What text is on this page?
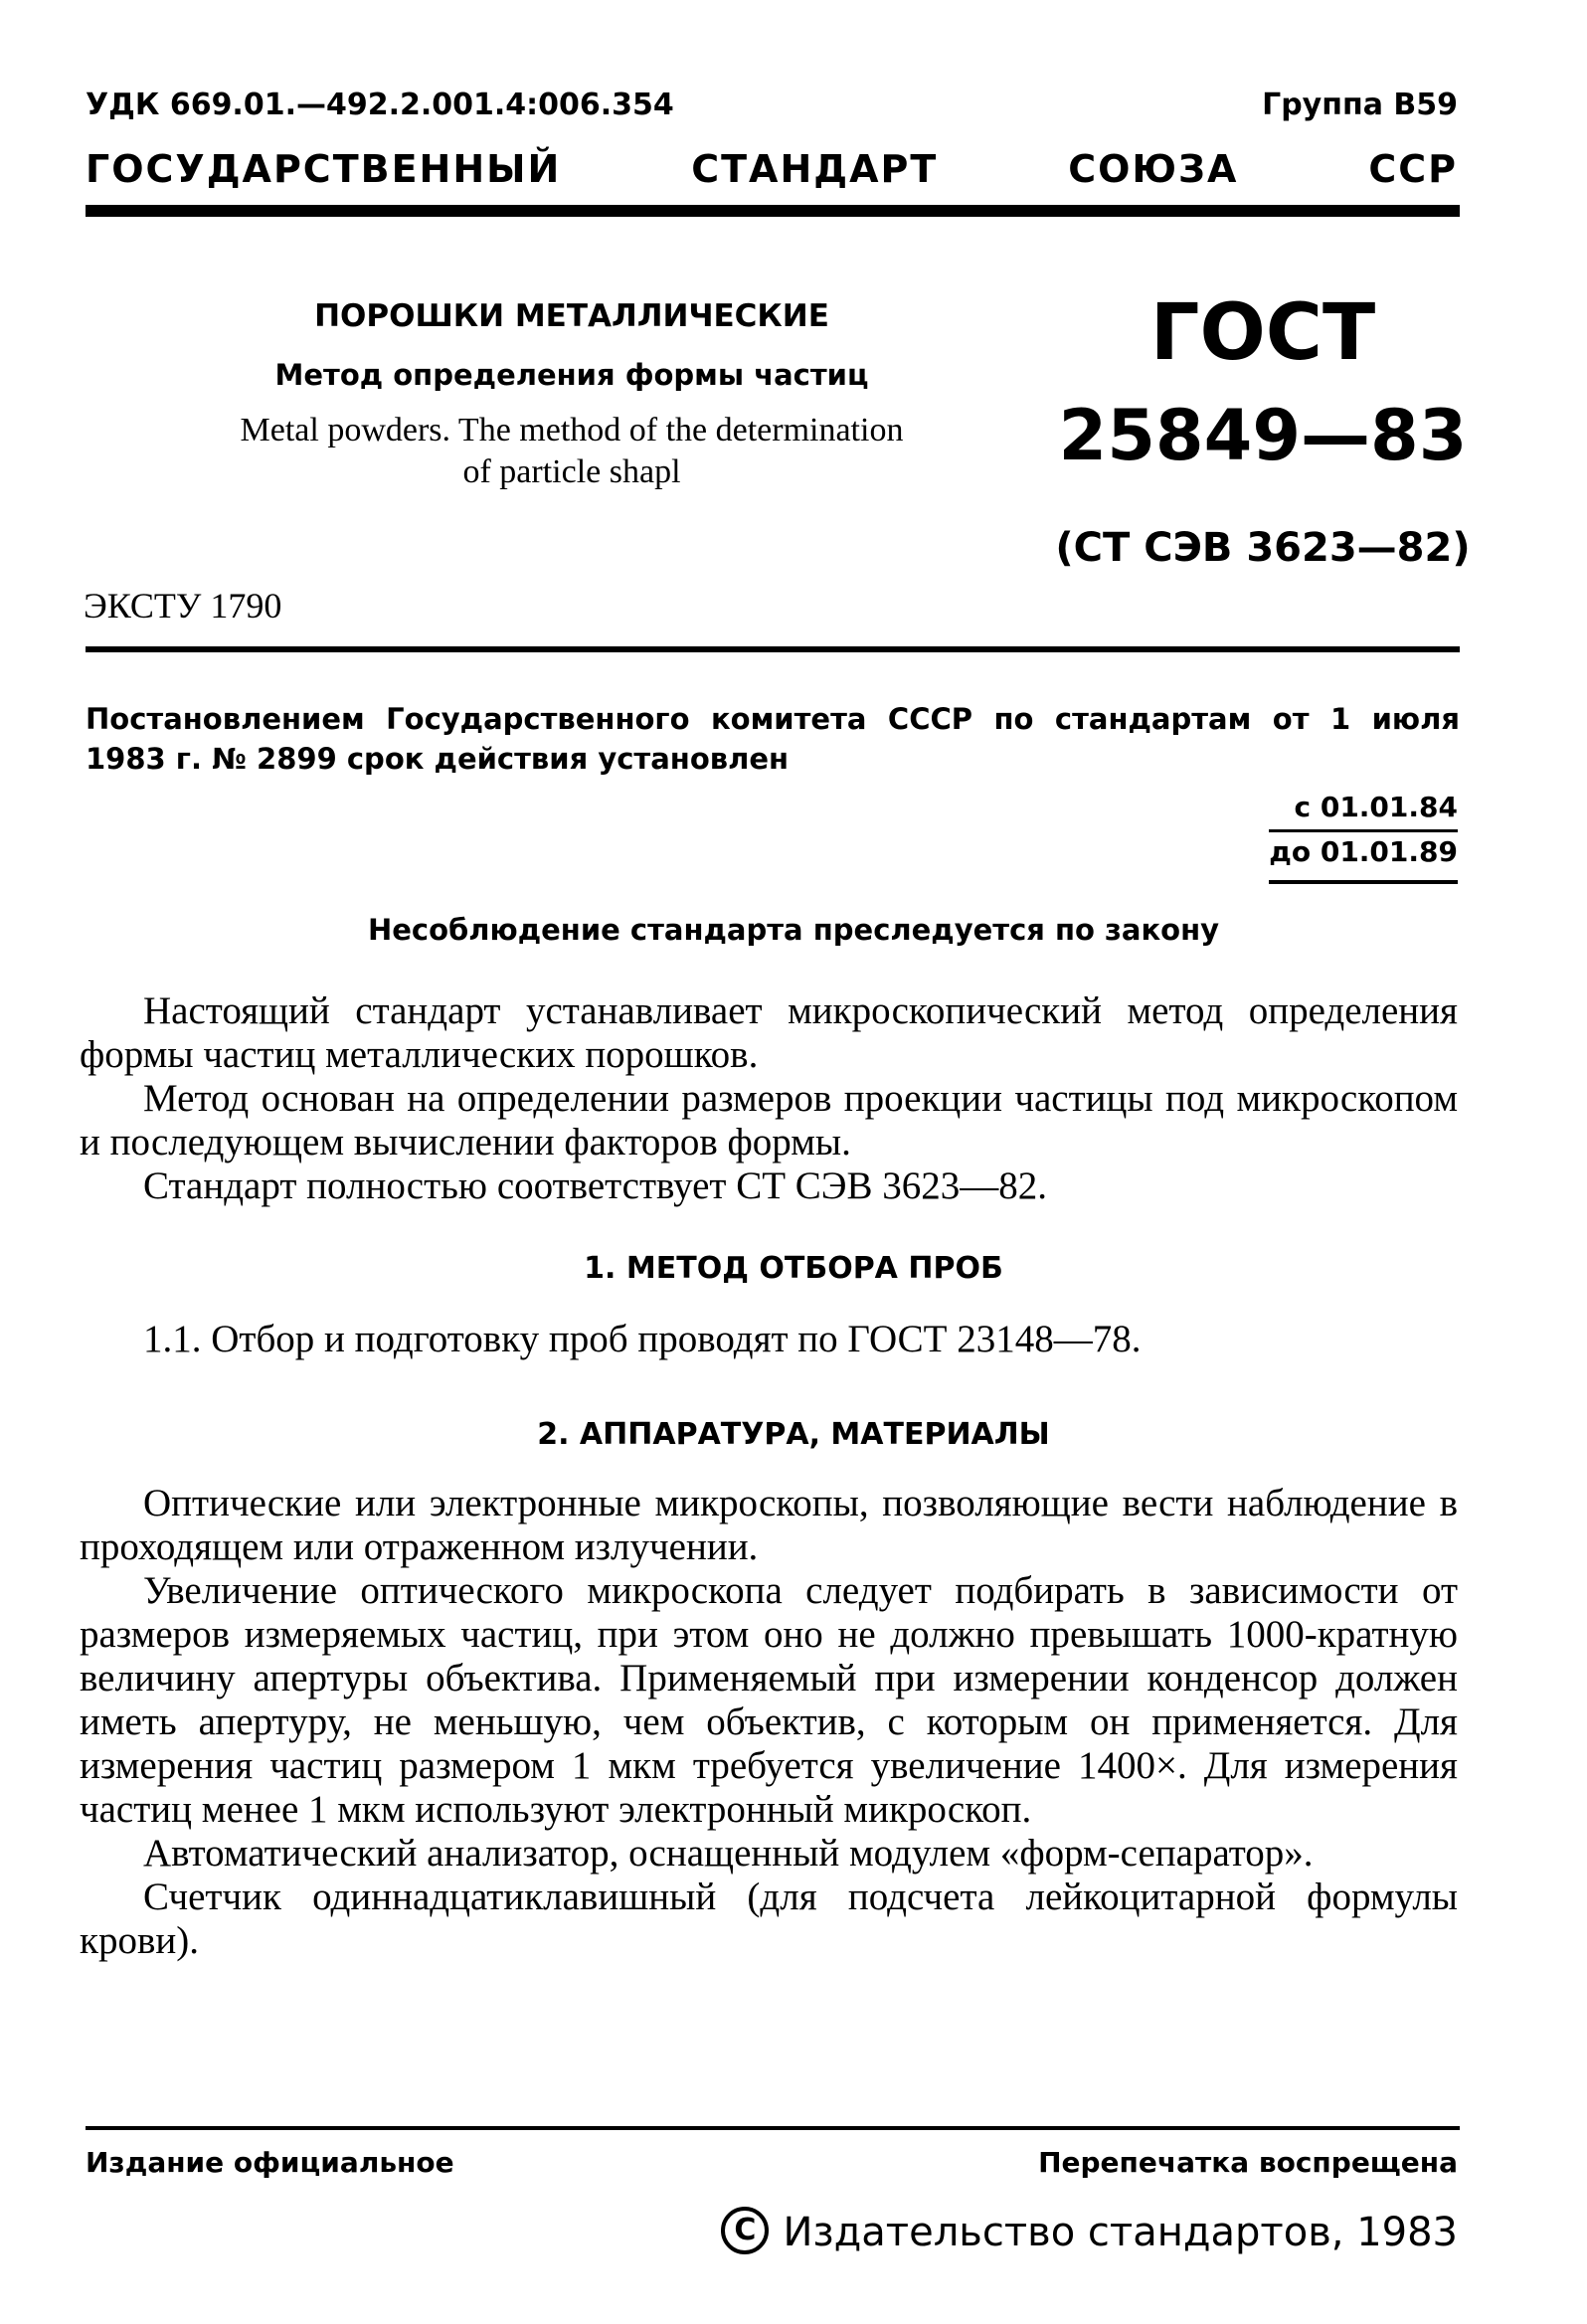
УДК 669.01.—492.2.001.4:006.354	Группа В59
ГОСУДАРСТВЕННЫЙ	СТАНДАРТ	СОЮЗА	ССР
ПОРОШКИ МЕТАЛЛИЧЕСКИЕ
Метод определения формы частиц
Metal powders. The method of the determination
of particle shapl
ГОСТ
25849—83
(СТ СЭВ 3623—82)
ЭКСТУ 1790
Постановлением Государственного комитета СССР по стандартам от 1 июля
1983 г. № 2899 срок действия установлен
с 01.01.84
до 01.01.89
Несоблюдение стандарта преследуется по закону
Настоящий стандарт устанавливает микроскопический метод определения формы частиц металлических порошков.
Метод основан на определении размеров проекции частицы под микроскопом и последующем вычислении факторов формы.
Стандарт полностью соответствует СТ СЭВ 3623—82.
1. МЕТОД ОТБОРА ПРОБ
1.1. Отбор и подготовку проб проводят по ГОСТ 23148—78.
2. АППАРАТУРА, МАТЕРИАЛЫ
Оптические или электронные микроскопы, позволяющие вести наблюдение в проходящем или отраженном излучении.
Увеличение оптического микроскопа следует подбирать в зависимости от размеров измеряемых частиц, при этом оно не должно превышать 1000-кратную величину апертуры объектива. Применяемый при измерении конденсор должен иметь апертуру, не меньшую, чем объектив, с которым он применяется. Для измерения частиц размером 1 мкм требуется увеличение 1400×. Для измерения частиц менее 1 мкм используют электронный микроскоп.
Автоматический анализатор, оснащенный модулем «форм-сепаратор».
Счетчик одиннадцатиклавишный (для подсчета лейкоцитарной формулы крови).
Издание официальное	Перепечатка воспрещена
C Издательство стандартов, 1983
